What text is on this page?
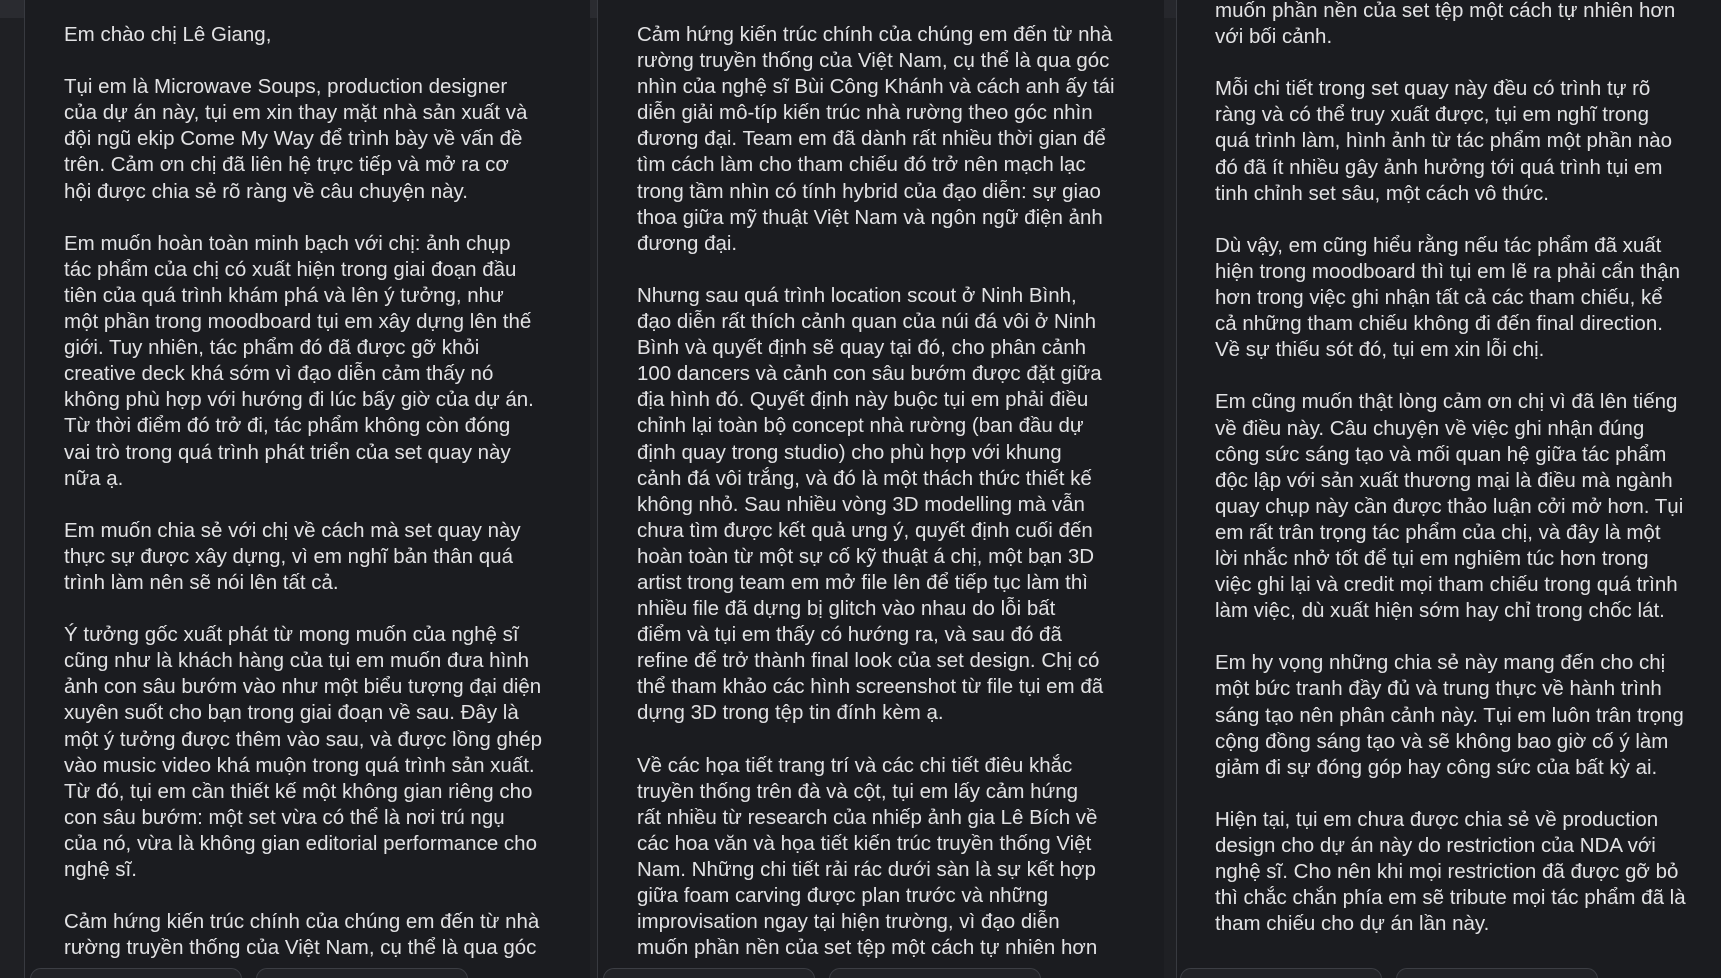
Em chào chị Lê Giang,

Tụi em là Microwave Soups, production designer
của dự án này, tụi em xin thay mặt nhà sản xuất và
đội ngũ ekip Come My Way để trình bày về vấn đề
trên. Cảm ơn chị đã liên hệ trực tiếp và mở ra cơ
hội được chia sẻ rõ ràng về câu chuyện này.

Em muốn hoàn toàn minh bạch với chị: ảnh chụp
tác phẩm của chị có xuất hiện trong giai đoạn đầu
tiên của quá trình khám phá và lên ý tưởng, như
một phần trong moodboard tụi em xây dựng lên thế
giới. Tuy nhiên, tác phẩm đó đã được gỡ khỏi
creative deck khá sớm vì đạo diễn cảm thấy nó
không phù hợp với hướng đi lúc bấy giờ của dự án.
Từ thời điểm đó trở đi, tác phẩm không còn đóng
vai trò trong quá trình phát triển của set quay này
nữa ạ.

Em muốn chia sẻ với chị về cách mà set quay này
thực sự được xây dựng, vì em nghĩ bản thân quá
trình làm nên sẽ nói lên tất cả.

Ý tưởng gốc xuất phát từ mong muốn của nghệ sĩ
cũng như là khách hàng của tụi em muốn đưa hình
ảnh con sâu bướm vào như một biểu tượng đại diện
xuyên suốt cho bạn trong giai đoạn về sau. Đây là
một ý tưởng được thêm vào sau, và được lồng ghép
vào music video khá muộn trong quá trình sản xuất.
Từ đó, tụi em cần thiết kế một không gian riêng cho
con sâu bướm: một set vừa có thể là nơi trú ngụ
của nó, vừa là không gian editorial performance cho
nghệ sĩ.

Cảm hứng kiến trúc chính của chúng em đến từ nhà
rường truyền thống của Việt Nam, cụ thể là qua góc

Cảm hứng kiến trúc chính của chúng em đến từ nhà
rường truyền thống của Việt Nam, cụ thể là qua góc
nhìn của nghệ sĩ Bùi Công Khánh và cách anh ấy tái
diễn giải mô-típ kiến trúc nhà rường theo góc nhìn
đương đại. Team em đã dành rất nhiều thời gian để
tìm cách làm cho tham chiếu đó trở nên mạch lạc
trong tầm nhìn có tính hybrid của đạo diễn: sự giao
thoa giữa mỹ thuật Việt Nam và ngôn ngữ điện ảnh
đương đại.

Nhưng sau quá trình location scout ở Ninh Bình,
đạo diễn rất thích cảnh quan của núi đá vôi ở Ninh
Bình và quyết định sẽ quay tại đó, cho phân cảnh
100 dancers và cảnh con sâu bướm được đặt giữa
địa hình đó. Quyết định này buộc tụi em phải điều
chỉnh lại toàn bộ concept nhà rường (ban đầu dự
định quay trong studio) cho phù hợp với khung
cảnh đá vôi trắng, và đó là một thách thức thiết kế
không nhỏ. Sau nhiều vòng 3D modelling mà vẫn
chưa tìm được kết quả ưng ý, quyết định cuối đến
hoàn toàn từ một sự cố kỹ thuật á chị, một bạn 3D
artist trong team em mở file lên để tiếp tục làm thì
nhiều file đã dựng bị glitch vào nhau do lỗi bất
điểm và tụi em thấy có hướng ra, và sau đó đã
refine để trở thành final look của set design. Chị có
thể tham khảo các hình screenshot từ file tụi em đã
dựng 3D trong tệp tin đính kèm ạ.

Về các họa tiết trang trí và các chi tiết điêu khắc
truyền thống trên đà và cột, tụi em lấy cảm hứng
rất nhiều từ research của nhiếp ảnh gia Lê Bích về
các hoa văn và họa tiết kiến trúc truyền thống Việt
Nam. Những chi tiết rải rác dưới sàn là sự kết hợp
giữa foam carving được plan trước và những
improvisation ngay tại hiện trường, vì đạo diễn
muốn phần nền của set tệp một cách tự nhiên hơn

muốn phần nền của set tệp một cách tự nhiên hơn
với bối cảnh.

Mỗi chi tiết trong set quay này đều có trình tự rõ
ràng và có thể truy xuất được, tụi em nghĩ trong
quá trình làm, hình ảnh từ tác phẩm một phần nào
đó đã ít nhiều gây ảnh hưởng tới quá trình tụi em
tinh chỉnh set sâu, một cách vô thức.

Dù vậy, em cũng hiểu rằng nếu tác phẩm đã xuất
hiện trong moodboard thì tụi em lẽ ra phải cẩn thận
hơn trong việc ghi nhận tất cả các tham chiếu, kể
cả những tham chiếu không đi đến final direction.
Về sự thiếu sót đó, tụi em xin lỗi chị.

Em cũng muốn thật lòng cảm ơn chị vì đã lên tiếng
về điều này. Câu chuyện về việc ghi nhận đúng
công sức sáng tạo và mối quan hệ giữa tác phẩm
độc lập với sản xuất thương mại là điều mà ngành
quay chụp này cần được thảo luận cởi mở hơn. Tụi
em rất trân trọng tác phẩm của chị, và đây là một
lời nhắc nhở tốt để tụi em nghiêm túc hơn trong
việc ghi lại và credit mọi tham chiếu trong quá trình
làm việc, dù xuất hiện sớm hay chỉ trong chốc lát.

Em hy vọng những chia sẻ này mang đến cho chị
một bức tranh đầy đủ và trung thực về hành trình
sáng tạo nên phân cảnh này. Tụi em luôn trân trọng
cộng đồng sáng tạo và sẽ không bao giờ cố ý làm
giảm đi sự đóng góp hay công sức của bất kỳ ai.

Hiện tại, tụi em chưa được chia sẻ về production
design cho dự án này do restriction của NDA với
nghệ sĩ. Cho nên khi mọi restriction đã được gỡ bỏ
thì chắc chắn phía em sẽ tribute mọi tác phẩm đã là
tham chiếu cho dự án lần này.
